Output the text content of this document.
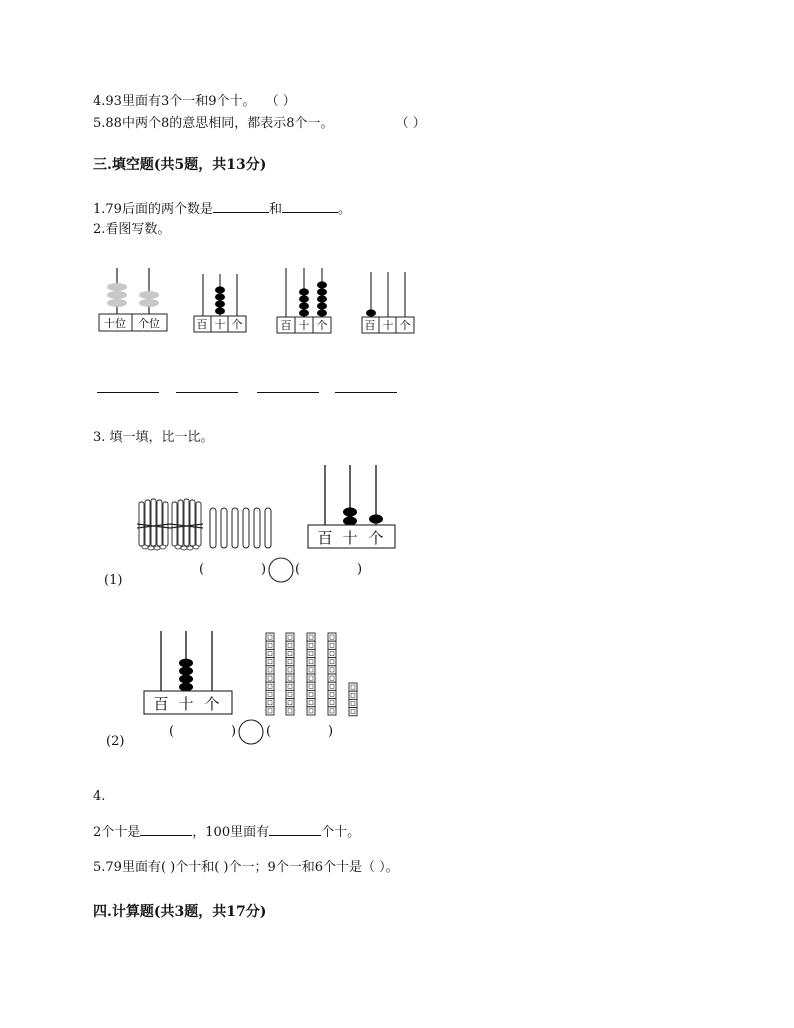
4.93里面有3个一和9个十。 （ ）
5.88中两个8的意思相同，都表示8个一。	（ ）
三.填空题(共5题，共13分)
1.79后面的两个数是	和	。
2.看图写数。
十位 个位	百 十 个	百 十 个	百 十 个
3. 填一填，比一比。
百 十 个
(1)
(	) (	)
百 十 个
(2)
(	) (	)
4.
2个十是	，100里面有	个十。
5.79里面有( )个十和( )个一；9个一和6个十是（ ）。
四.计算题(共3题，共17分)
